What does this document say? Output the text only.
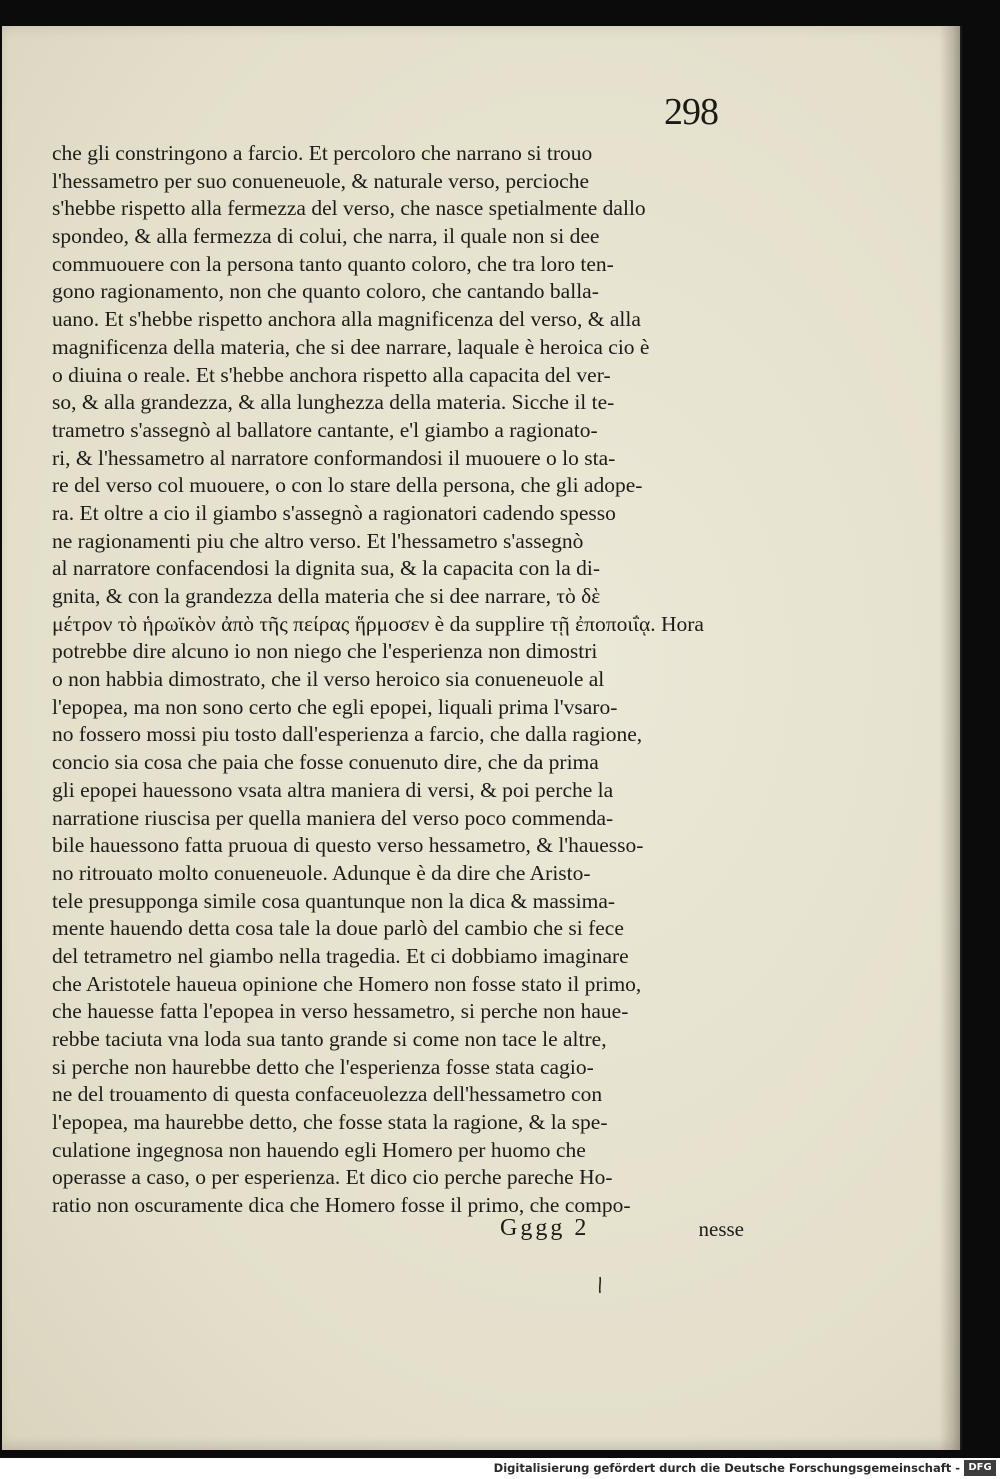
298
che gli constringono a farcio. Et percoloro che narrano si trouo
l'hessametro per suo conueneuole, & naturale verso, percioche
s'hebbe rispetto alla fermezza del verso, che nasce spetialmente dallo
spondeo, & alla fermezza di colui, che narra, il quale non si dee
commuouere con la persona tanto quanto coloro, che tra loro ten-
gono ragionamento, non che quanto coloro, che cantando balla-
uano. Et s'hebbe rispetto anchora alla magnificenza del verso, & alla
magnificenza della materia, che si dee narrare, laquale è heroica cio è
o diuina o reale. Et s'hebbe anchora rispetto alla capacita del ver-
so, & alla grandezza, & alla lunghezza della materia. Sicche il te-
trametro s'assegnò al ballatore cantante, e'l giambo a ragionato-
ri, & l'hessametro al narratore conformandosi il muouere o lo sta-
re del verso col muouere, o con lo stare della persona, che gli adope-
ra. Et oltre a cio il giambo s'assegnò a ragionatori cadendo spesso
ne ragionamenti piu che altro verso. Et l'hessametro s'assegnò
al narratore confacendosi la dignita sua, & la capacita con la di-
gnita, & con la grandezza della materia che si dee narrare, τὸ δὲ
μέτρον τὸ ἡρωϊκὸν ἀπὸ τῆς πείρας ἥρμοσεν è da supplire τῇ ἐποποιΐᾳ. Hora
potrebbe dire alcuno io non niego che l'esperienza non dimostri
o non habbia dimostrato, che il verso heroico sia conueneuole al
l'epopea, ma non sono certo che egli epopei, liquali prima l'vsaro-
no fossero mossi piu tosto dall'esperienza a farcio, che dalla ragione,
concio sia cosa che paia che fosse conuenuto dire, che da prima
gli epopei hauessono vsata altra maniera di versi, & poi perche la
narratione riuscisa per quella maniera del verso poco commenda-
bile hauessono fatta pruoua di questo verso hessametro, & l'hauesso-
no ritrouato molto conueneuole. Adunque è da dire che Aristo-
tele presupponga simile cosa quantunque non la dica & massima-
mente hauendo detta cosa tale la doue parlò del cambio che si fece
del tetrametro nel giambo nella tragedia. Et ci dobbiamo imaginare
che Aristotele haueua opinione che Homero non fosse stato il primo,
che hauesse fatta l'epopea in verso hessametro, si perche non haue-
rebbe taciuta vna loda sua tanto grande si come non tace le altre,
si perche non haurebbe detto che l'esperienza fosse stata cagio-
ne del trouamento di questa confaceuolezza dell'hessametro con
l'epopea, ma haurebbe detto, che fosse stata la ragione, & la spe-
culatione ingegnosa non hauendo egli Homero per huomo che
operasse a caso, o per esperienza. Et dico cio perche pareche Ho-
ratio non oscuramente dica che Homero fosse il primo, che compo-
Gggg 2	nesse
Digitalisierung gefördert durch die Deutsche Forschungsgemeinschaft - DFG
